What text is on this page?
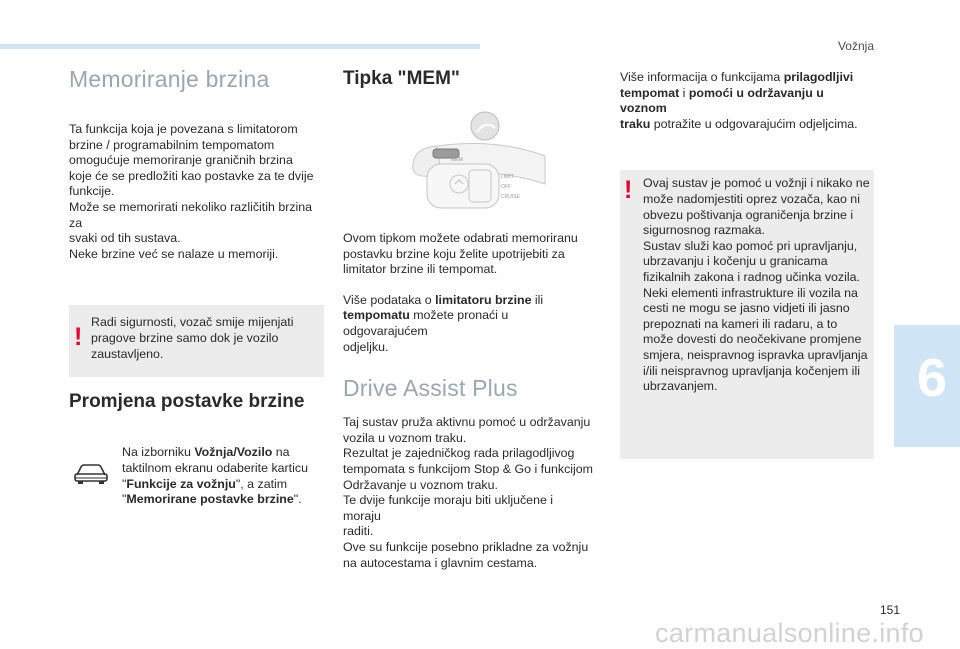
Vožnja
Memoriranje brzina
Ta funkcija koja je povezana s limitatorom
brzine / programabilnim tempomatom
omogućuje memoriranje graničnih brzina
koje će se predložiti kao postavke za te dvije
funkcije.
Može se memorirati nekoliko različitih brzina za
svaki od tih sustava.
Neke brzine već se nalaze u memoriji.
!
Radi sigurnosti, vozač smije mijenjati
pragove brzine samo dok je vozilo
zaustavljeno.
Promjena postavke brzine
Na izborniku Vožnja/Vozilo na
taktilnom ekranu odaberite karticu
"Funkcije za vožnju", a zatim
"Memorirane postavke brzine".
Tipka "MEM"
MEM
LIMIT
OFF
CRUISE
Ovom tipkom možete odabrati memoriranu
postavku brzine koju želite upotrijebiti za
limitator brzine ili tempomat.
Više podataka o limitatoru brzine ili
tempomatu možete pronaći u odgovarajućem
odjeljku.
Drive Assist Plus
Taj sustav pruža aktivnu pomoć u održavanju
vozila u voznom traku.
Rezultat je zajedničkog rada prilagodljivog
tempomata s funkcijom Stop & Go i funkcijom
Održavanje u voznom traku.
Te dvije funkcije moraju biti uključene i moraju
raditi.
Ove su funkcije posebno prikladne za vožnju
na autocestama i glavnim cestama.
Više informacija o funkcijama prilagodljivi
tempomat i pomoći u održavanju u voznom
traku potražite u odgovarajućim odjeljcima.
! Ovaj sustav je pomoć u vožnji i nikako ne
može nadomjestiti oprez vozača, kao ni
obvezu poštivanja ograničenja brzine i
sigurnosnog razmaka.
Sustav služi kao pomoć pri upravljanju,
ubrzavanju i kočenju u granicama
fizikalnih zakona i radnog učinka vozila.
Neki elementi infrastrukture ili vozila na
cesti ne mogu se jasno vidjeti ili jasno
prepoznati na kameri ili radaru, a to
može dovesti do neočekivane promjene
smjera, neispravnog ispravka upravljanja
i/ili neispravnog upravljanja kočenjem ili
ubrzavanjem.	6
151
carmanualsonline.info
